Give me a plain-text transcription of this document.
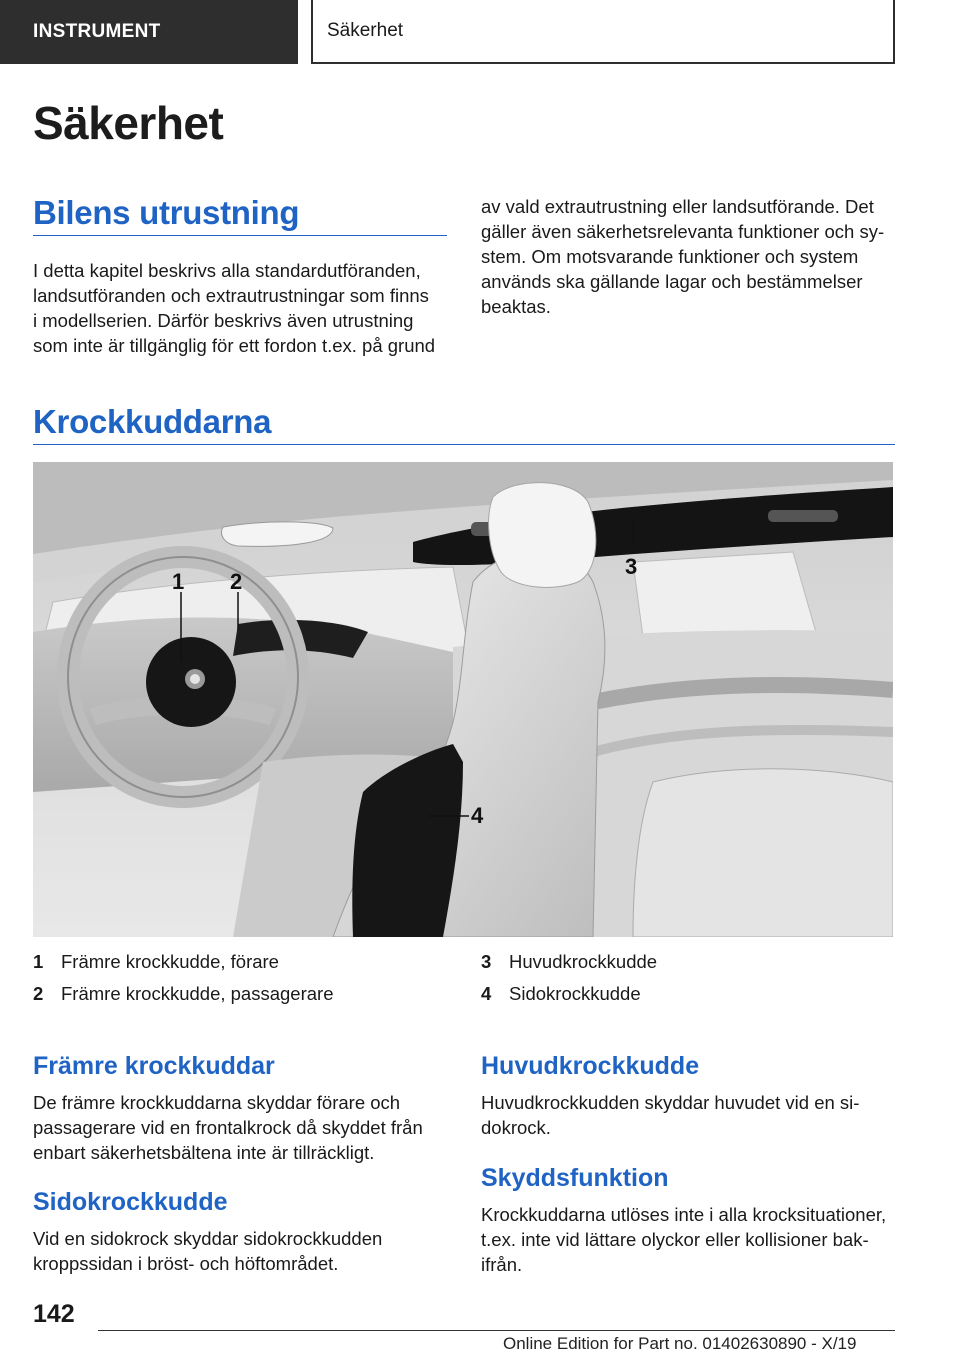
INSTRUMENT	Säkerhet
Säkerhet
Bilens utrustning

I detta kapitel beskrivs alla standardutföranden,
landsutföranden och extrautrustningar som finns
i modellserien. Därför beskrivs även utrustning
som inte är tillgänglig för ett fordon t.ex. på grund

av vald extrautrustning eller landsutförande. Det
gäller även säkerhetsrelevanta funktioner och sy-
stem. Om motsvarande funktioner och system
används ska gällande lagar och bestämmelser
beaktas.

Krockkuddarna
1 2
3
4
1 Främre krockkudde, förare
2 Främre krockkudde, passagerare
3 Huvudkrockkudde
4 Sidokrockkudde
Främre krockkuddar

De främre krockkuddarna skyddar förare och
passagerare vid en frontalkrock då skyddet från
enbart säkerhetsbältena inte är tillräckligt.

Sidokrockkudde

Vid en sidokrock skyddar sidokrockkudden
kroppssidan i bröst- och höftområdet.

Huvudkrockkudde

Huvudkrockkudden skyddar huvudet vid en si-
dokrock.

Skyddsfunktion

Krockkuddarna utlöses inte i alla krocksituationer,
t.ex. inte vid lättare olyckor eller kollisioner bak-
ifrån.

142
Online Edition for Part no. 01402630890 - X/19
